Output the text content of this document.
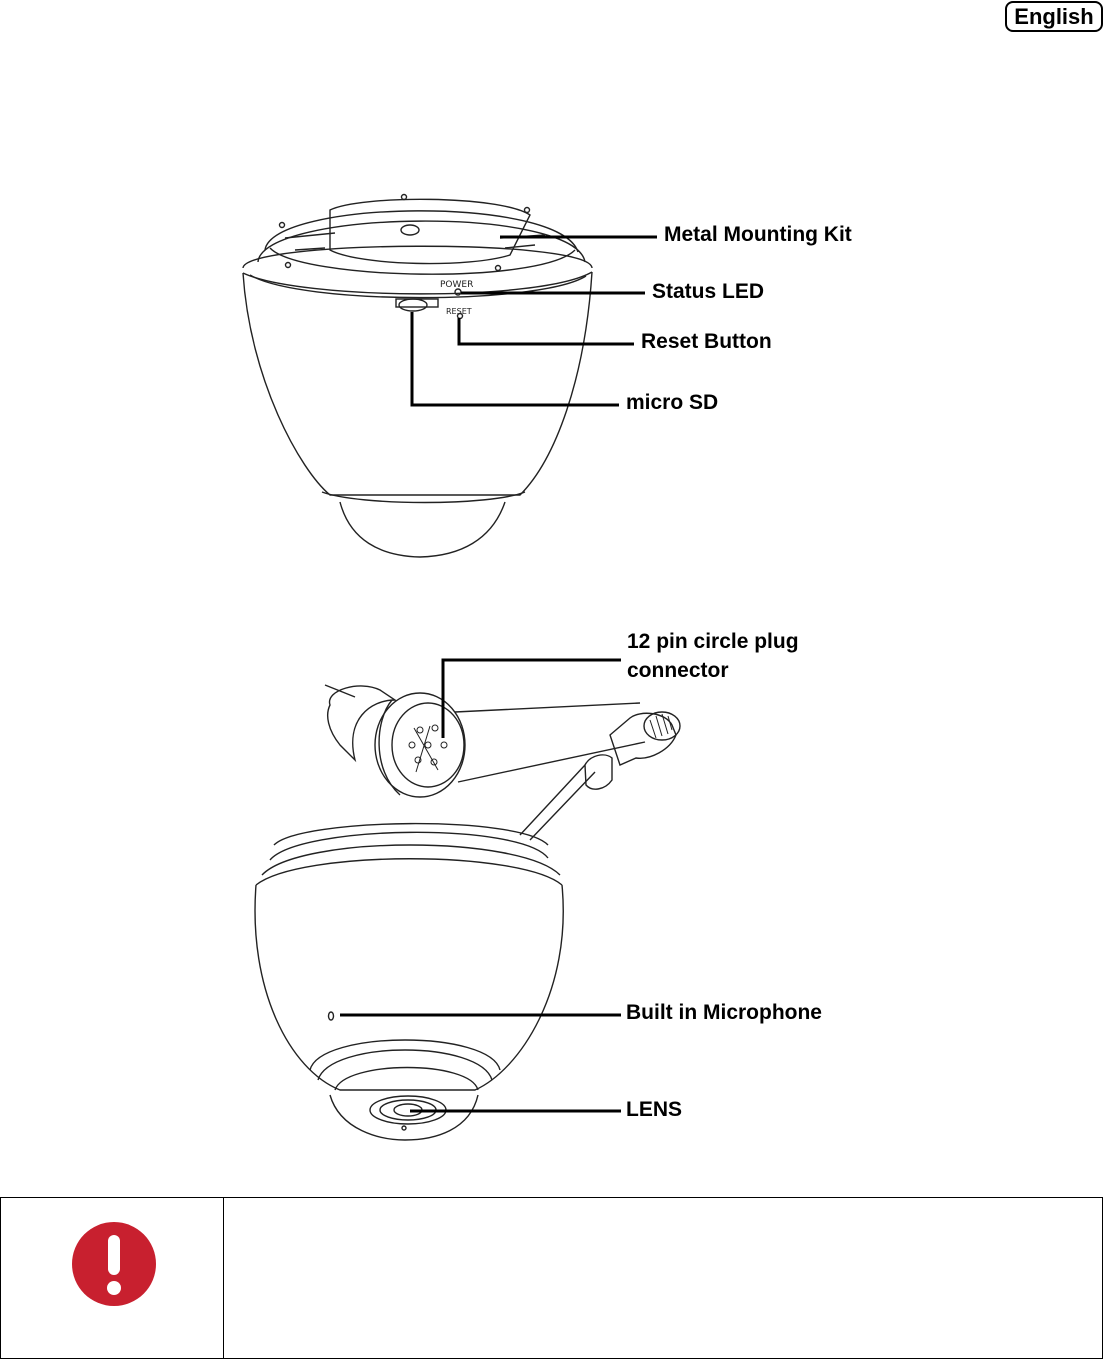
English
POWER
RESET
Metal Mounting Kit
Status LED
Reset Button
micro SD
12 pin circle plug
connector
Built in Microphone
LENS
